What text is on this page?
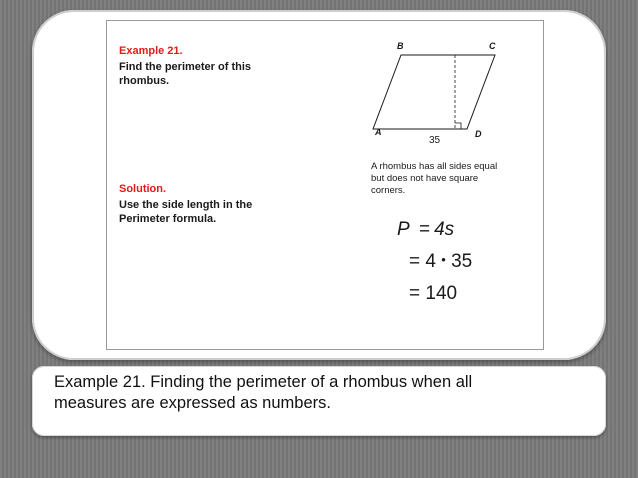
Example 21.

Find the perimeter of this

rhombus.

Solution.

Use the side length in the

Perimeter formula.

B	C
A	D
35
A rhombus has all sides equal
but does not have square
corners.
P = 4s
= 4 • 35
= 140

Example 21. Finding the perimeter of a rhombus when all

measures are expressed as numbers.
